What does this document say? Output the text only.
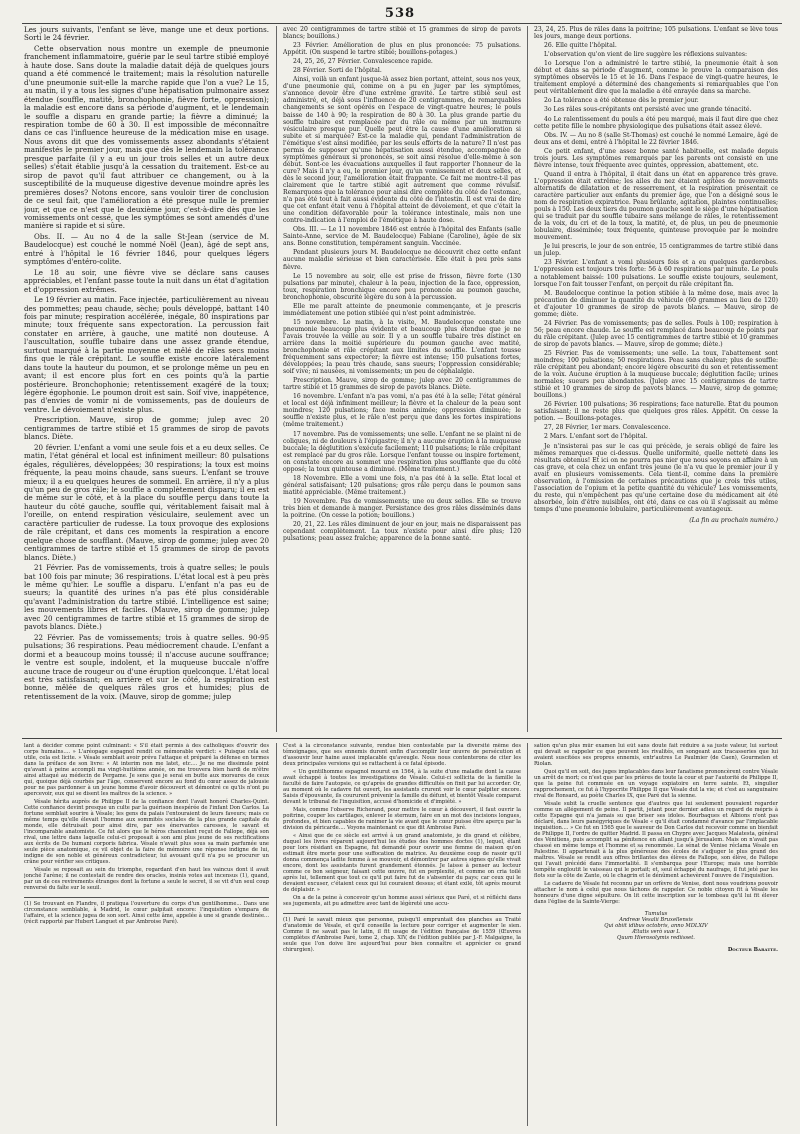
538

Les jours suivants, l'enfant se lève, mange une et deux portions. Sorti le 24 février.

Cette observation nous montre un exemple de pneumonie franchement inflammatoire, guérie par le seul tartre stibié employé à haute dose. Sans doute la maladie datait déjà de quelques jours quand a été commencé le traitement; mais la résolution naturelle d'une pneumonie suit-elle la marche rapide que l'on a vue? Le 15, au matin, il y a tous les signes d'une hépatisation pulmonaire assez étendue (souffle, matité, bronchophonie, fièvre forte, oppression); la maladie est encore dans sa période d'augment, et le lendemain le souffle a disparu en grande partie; la fièvre a diminué; la respiration tombe de 60 à 30. Il est impossible de méconnaître dans ce cas l'influence heureuse de la médication mise en usage. Nous avons dit que des vomissements assez abondants s'étaient manifestés le premier jour, mais que dès le lendemain la tolérance presque parfaite (il y a eu un jour trois selles et un autre deux selles) s'était établie jusqu'à la cessation du traitement. Est-ce au sirop de pavot qu'il faut attribuer ce changement, ou à la susceptibilité de la muqueuse digestive devenue moindre après les premières doses? Notons encore, sans vouloir tirer de conclusion de ce seul fait, que l'amélioration a été presque nulle le premier jour, et que ce n'est que le deuxième jour, c'est-à-dire dès que les vomissements ont cessé, que les symptômes se sont amendés d'une manière si rapide et si sûre.

Obs. II. — Au no 4 de la salle St-Jean (service de M. Baudelocque) est couché le nommé Noël (Jean), âgé de sept ans, entré à l'hôpital le 16 février 1846, pour quelques légers symptômes d'entéro-colite.

Le 18 au soir, une fièvre vive se déclare sans causes appréciables, et l'enfant passe toute la nuit dans un état d'agitation et d'oppression extrêmes.

Le 19 février au matin. Face injectée, particulièrement au niveau des pommettes; peau chaude, sèche; pouls développé, battant 140 fois par minute; respiration accélérée, inégale, 80 inspirations par minute; toux fréquente sans expectoration. La percussion fait constater en arrière, à gauche, une matité non douteuse. A l'auscultation, souffle tubaire dans une assez grande étendue, surtout marqué à la partie moyenne et mêlé de râles secs moins fins que le râle crépitant. Le souffle existe encore latéralement dans toute la hauteur du poumon, et se prolonge même un peu en avant; il est encore plus fort en ces points qu'à la partie postérieure. Bronchophonie; retentissement exagéré de la toux; légère égophonie. Le poumon droit est sain. Soif vive, inappétence, pas d'envies de vomir ni de vomissements, pas de douleurs de ventre. Le dévoiement n'existe plus.

Prescription. Mauve, sirop de gomme; julep avec 20 centigrammes de tartre stibié et 15 grammes de sirop de pavots blancs. Diète.

20 février. L'enfant a vomi une seule fois et a eu deux selles. Ce matin, l'état général et local est infiniment meilleur: 80 pulsations égales, régulières, développées; 30 respirations; la toux est moins fréquente, la peau moins chaude, sans sueurs. L'enfant se trouve mieux; il a eu quelques heures de sommeil. En arrière, il n'y a plus qu'un peu de gros râle; le souffle a complètement disparu; il en est de même sur le côté, et à la place du souffle perçu dans toute la hauteur du côté gauche, souffle qui, véritablement faisait mal à l'oreille, on entend respiration vésiculaire, seulement avec un caractère particulier de rudesse. La toux provoque des explosions de râle crépitant, et dans ces moments la respiration a encore quelque chose de soufflant. (Mauve, sirop de gomme; julep avec 20 centigrammes de tartre stibié et 15 grammes de sirop de pavots blancs. Diète.)

21 Février. Pas de vomissements, trois à quatre selles; le pouls bat 100 fois par minute; 36 respirations. L'état local est à peu près le même qu'hier. Le souffle a disparu. L'enfant n'a pas eu de sueurs; la quantité des urines n'a pas été plus considérable qu'avant l'administration du tartre stibié. L'intelligence est saine; les mouvements libres et faciles. (Mauve, sirop de gomme; julep avec 20 centigrammes de tartre stibié et 15 grammes de sirop de pavots blancs. Diète.)

22 Février. Pas de vomissements; trois à quatre selles. 90-95 pulsations; 36 respirations. Peau médiocrement chaude. L'enfant a dormi et a beaucoup moins toussé; il n'accuse aucune souffrance; le ventre est souple, indolent, et la muqueuse buccale n'offre aucune trace de rougeur ou d'une éruption quelconque. L'état local est très satisfaisant; en arrière et sur le côté, la respiration est bonne, mêlée de quelques râles gros et humides; plus de retentissement de la voix. (Mauve, sirop de gomme; julep

avec 20 centigrammes de tartre stibié et 15 grammes de sirop de pavots blancs; bouillons.)

23 Février. Amélioration de plus en plus prononcée: 75 pulsations. Appétit. (On suspend le tartre stibié; bouillons-potages.)

24, 25, 26, 27 Février. Convalescence rapide.

28 Février. Sorti de l'hôpital.

Ainsi, voilà un enfant jusque-là assez bien portant, atteint, sous nos yeux, d'une pneumonie qui, comme on a pu en juger par les symptômes, s'annonce devoir être d'une extrême gravité. Le tartre stibié seul est administré, et, déjà sous l'influence de 20 centigrammes, de remarquables changements se sont opérés en l'espace de vingt-quatre heures; le pouls baisse de 140 à 90; la respiration de 80 à 30. La plus grande partie du souffle tubaire est remplacée par du râle ou même par un murmure vésiculaire presque pur. Quelle peut être la cause d'une amélioration si subite et si marquée? Est-ce la maladie qui, pendant l'administration de l'émétique s'est ainsi modifiée, par les seuls efforts de la nature? Il n'est pas permis de supposer qu'une hépatisation aussi étendue, accompagnée de symptômes généraux si prononcés, se soit ainsi résolue d'elle-même à son début. Sont-ce les évacuations auxquelles il faut rapporter l'honneur de la cure? Mais il n'y a eu, le premier jour, qu'un vomissement et deux selles, et dès le second jour, l'amélioration était frappante. Ce fait me montre-t-il pas clairement que le tartre stibié agit autrement que comme révulsif. Remarquons que la tolérance pour ainsi dire complète du côté de l'estomac, n'a pas été tout à fait aussi évidente du côté de l'intestin. Il est vrai de dire que cet enfant était venu à l'hôpital atteint de dévoiement, et que c'était la une condition défavorable pour la tolérance intestinale, mais non une contre-indication à l'emploi de l'émétique à haute dose.

Obs. III. — Le 11 novembre 1846 est entrée à l'hôpital des Enfants (salle Sainte-Anne, service de M. Baudelocque) Fabiane (Caroline), âgée de six ans. Bonne constitution, tempérament sanguin. Vaccinée.

Pendant plusieurs jours M. Baudelocque ne découvrit chez cette enfant aucune maladie sérieuse et bien caractérisée. Elle était à peu près sans fièvre.

Le 15 novembre au soir, elle est prise de frisson, fièvre forte (130 pulsations par minute), chaleur à la peau, injection de la face, oppression, toux, respiration bronchique encore peu prononcée au poumon gauche, bronchophonie, obscurité légère du son à la percussion.

Elle me paraît atteinte de pneumonie commençante, et je prescris immédiatement une potion stibiée qui n'est point administrée.

15 novembre. Le matin, à la visite, M. Baudelocque constate une pneumonie beaucoup plus évidente et beaucoup plus étendue que je ne l'avais trouvée la veille au soir. Il y a un souffle tubaire très distinct en arrière dans la moitié supérieure du poumon gauche avec matité, bronchophonie et râle crépitant aux limites du souffle. L'enfant tousse fréquemment sans expectorer; la fièvre est intense; 150 pulsations fortes, développées; la peau très chaude, sans sueurs; l'oppression considérable; soif vive; ni nausées, ni vomissements; un peu de céphalalgie.

Prescription. Mauve, sirop de gomme; julep avec 20 centigrammes de tartre stibié et 15 grammes de sirop de pavots blancs. Diète.

16 novembre. L'enfant n'a pas vomi, n'a pas été à la selle; l'état général et local est déjà infiniment meilleur; la fièvre et la chaleur de la peau sont moindres; 120 pulsations; face moins animée; oppression diminuée; le souffle n'existe plus, et le râle n'est perçu que dans les fortes inspirations (même traitement.)

17 novembre. Pas de vomissements; une selle. L'enfant ne se plaint ni de coliques, ni de douleurs à l'épigastre; il n'y a aucune éruption à la muqueuse buccale; la déglutition s'exécute facilement; 110 pulsations; le râle crépitant est remplacé par du gros râle. Lorsque l'enfant tousse ou inspire fortement, on constate encore au sommet une respiration plus soufflante que du côté opposé; la toux quinteuse a diminué. (Même traitement.)

18 Novembre. Elle a vomi une fois, n'a pas été à la selle. État local et général satisfaisant; 120 pulsations; gros râle perçu dans le poumon sans matité appréciable. (Même traitement.)

19 Novembre. Pas de vomissements; une ou deux selles. Elle se trouve très bien et demande à manger. Persistance des gros râles disséminés dans la poitrine. (On cesse la potion; bouillons.)

20, 21, 22. Les râles diminuent de jour en jour, mais ne disparaissent pas cependant complètement. La toux n'existe pour ainsi dire plus; 120 pulsations; peau assez fraîche; apparence de la bonne santé.

23, 24, 25. Plus de râles dans la poitrine; 105 pulsations. L'enfant se lève tous les jours, mange deux portions.

26. Elle quitte l'hôpital.

L'observation qu'on vient de lire suggère les réflexions suivantes:

1o Lorsque l'on a administré le tartre stibié, la pneumonie était à son début et dans sa période d'augment, comme le prouve la comparaison des symptômes observés le 15 et le 16. Dans l'espace de vingt-quatre heures, le traitement employé a déterminé des changements si remarquables que l'on peut véritablement dire que la maladie a été enrayée dans sa marche.

2o La tolérance a été obtenue dès le premier jour.

3o Les râles sous-crépitants ont persisté avec une grande ténacité.

4o Le ralentissement du pouls a été peu marqué, mais il faut dire que chez cette petite fille le nombre physiologique des pulsations était assez élevé.

Obs. IV. — Au no 8 (salle St-Thomas) est couché le nommé Lemaire, âgé de deux ans et demi, entré à l'hôpital le 22 février 1846.

Ce petit enfant, d'une assez bonne santé habituelle, est malade depuis trois jours. Les symptômes remarqués par les parents ont consisté en une fièvre intense, toux fréquente avec quintes, oppression, abattement, etc.

Quand il entra à l'hôpital, il était dans un état en apparence très grave. L'oppression était extrême; les ailes du nez étaient agitées de mouvements alternatifs de dilatation et de resserrement, et la respiration présentait ce caractère particulier aux enfants du premier âge, que l'on a désigné sous le nom de respiration expiratrice. Peau brûlante, agitation, plaintes continuelles; pouls à 150. Les deux tiers du poumon gauche sont le siège d'une hépatisation qui se traduit par du souffle tubaire sans mélange de râles, le retentissement de la voix, du cri et de la toux, la matité, et, de plus, un peu de pneumonie lobulaire, disséminée; toux fréquente, quinteuse provoquée par le moindre mouvement.

Je lui prescris, le jour de son entrée, 15 centigrammes de tartre stibié dans un julep.

23 Février. L'enfant a vomi plusieurs fois et a eu quelques garderobes. L'oppression est toujours très forte: 56 à 60 respirations par minute. Le pouls a notablement baissé: 100 pulsations. Le souffle existe toujours, seulement, lorsque l'on fait tousser l'enfant, on perçoit du râle crépitant fin.

M. Baudelocque continue la potion stibiée à la même dose, mais avec la précaution de diminuer la quantité du véhicule (60 grammes au lieu de 120) et d'ajouter 10 grammes de sirop de pavots blancs. — Mauve, sirop de gomme; diète.

24 Février. Pas de vomissements; pas de selles. Pouls à 100; respiration à 56; peau encore chaude. Le souffle est remplacé dans beaucoup de points par du râle crépitant. (Julep avec 15 centigrammes de tartre stibié et 10 grammes de sirop de pavots blancs. — Mauve, sirop de gomme; diète.)

25 Février. Pas de vomissements; une selle. La toux, l'abattement sont moindres; 100 pulsations; 50 respirations. Peau sans chaleur; plus de souffle: râle crépitant peu abondant; encore légère obscurité du son et retentissement de la voix. Aucune éruption à la muqueuse buccale; déglutition facile; urines normales; sueurs peu abondantes. (Julep avec 15 centigrammes de tartre stibié et 10 grammes de sirop de pavots blancs. — Mauve, sirop de gomme; bouillons.)

26 Février. 100 pulsations; 36 respirations; face naturelle. État du poumon satisfaisant; il ne reste plus que quelques gros râles. Appétit. On cesse la potion. — Bouillons-potages.

27, 28 Février, 1er mars. Convalescence.

2 Mars. L'enfant sort de l'hôpital.

Je n'insisterai pas sur le cas qui précède, je serais obligé de faire les mêmes remarques que ci-dessus. Quelle uniformité, quelle netteté dans les résultats obtenus! Et ici on ne pourra pas nier que nous soyons en affaire à un cas grave, et cela chez un enfant très jeune (le n'a vu que le premier jour il y avait en plusieurs vomissements. Cela tient-il, comme dans la première observation, à l'omission de certaines précautions que je crois très utiles, l'association de l'opium et la petite quantité du véhicule? Les vomissements, du reste, qui n'empêchent pas qu'une certaine dose du médicament ait été absorbée, loin d'être nuisibles, ont été, dans ce cas où il s'agissait au même temps d'une pneumonie lobulaire, particulièrement avantageux.

(La fin au prochain numéro.)

lant à décider comme point culminant: « S'il était permis à des catholiques d'ouvrir des corps humains.... » L'aréopage espagnol rendit ce mémorable verdict: « Puisque cela est utile, cela est licite. » Vésale semblait avoir prévu l'attaque et préparé la défense en termes dans la préface de son livre: « At interim non me latet, etc.... Je ne me dissimule point qu'avant à peine accompli ma vingt-huitième année, on me trouvera bien hardi de m'être ainsi attaqué au médecin de Pergame. Je sens que je serai en butte aux morsures de ceux qui, quoique déjà courbés par l'âge, conservent encore au fond du cœur assez de jalousie pour ne pas pardonner à un jeune homme d'avoir découvert et démontré ce qu'ils n'ont pu apercevoir, eux qui se disent les maîtres de la science. »

Vésale hérita auprès de Philippe II de la confiance dont l'avait honoré Charles-Quint. Cette confiance devint presque un culte par la guérison inespérée de l'infant Don Carlos. La fortune semblait sourire à Vésale; les gens du palais l'entouraient de leurs faveurs; mais ce même temps qu'elle élevait l'homme aux sommités sociales de la plus grande capitale du monde, elle détruisait pour ainsi dire, par ses énervantes caresses, le savant et l'incomparable anatomiste. Ce fut alors que le héros chancelant reçut de Fallope, déjà son rival, une lettre dans laquelle celui-ci proposait à son ami plus jeune de ses rectifications aux écrits de De humani corporis fabrica. Vésale n'avait plus sous sa main parfumée une seule pièce anatomique, ce vil objet de la faire de mémoire une réponse indigne de lui, indigne de son noble et généreux contradicteur, lui avouant qu'il n'a pu se procurer un crâne pour vérifier ses critiques.

Vésale se reposait au sein du triomphe, regardant d'en haut les vaincus dont il avait jonché l'arène; il ne contestait de rendre des oracles, insinis votes aut incensus (1), quand, par un de ces revirements étranges dont la fortune a seule le secret, il se vit d'un seul coup renversé du faîte sur le seuil.

(1) Se trouvant en Flandre, il pratiqua l'ouverture du corps d'un gentilhomme... Dans une circonstance semblable, à Madrid, le cœur palpitait encore: l'inquisition s'empara de l'affaire, et la science jugea de son sort. Ainsi cette âme, appelée à une si grande destinée... (récit rapporté par Hubert Languet et par Ambroise Paré).

C'est à la circonstance suivante, rendue bien contestable par la diversité même des témoignages, que ses ennemis durent enfin d'accomplir leur œuvre de persécution et d'assouvir leur haine aussi implacable qu'aveugle. Nous nous contenterons de citer les deux principales versions qui se rattachent à ce fatal épisode.

« Un gentilhomme espagnol mourut en 1564, à la suite d'une maladie dont la cause avait échappé à toutes les investigations de Vésale. Celui-ci sollicita de la famille la faculté de faire l'autopsie, ce qu'après de grandes difficultés on finit par lui accorder. Or, au moment où le cadavre fut ouvert, les assistants crurent voir le cœur palpiter encore. Saisis d'épouvante, ils coururent prévenir la famille du défunt, et bientôt Vésale comparut devant le tribunal de l'inquisition, accusé d'homicide et d'impiété. »

Mais, comme l'observe Richerand, pour mettre le cœur à découvert, il faut ouvrir la poitrine, couper les cartilages, enlever le sternum, faire en un mot des incisions longues, profondes, et bien capables de ranimer la vie avant que le cœur puisse être aperçu par la division du péricarde.... Voyons maintenant ce que dit Ambroise Paré.

« Ainsi que de ce siècle est arrivé à un grand anatomiste, je dis grand et célèbre, duquel les livres réparent aujourd'hui les études des hommes doctes (1), lequel, étant pour lors résidant en Espagne, fut demandé pour ouvrir une femme de maison qu'on estimait être morte pour une suffocation de matrice. Au deuxième coup de rasoir qu'il donna commença ladite femme à se mouvoir, et démontrer par autres signes qu'elle vivait encore, dont les assistants furent grandement étonnés. Je laisse à penser au lecteur comme ce bon seigneur, faisant cette œuvre, fut en perplexité, et comme on cria toilé après lui, tellement que tout ce qu'il put faire fut de s'absenter du pays; car ceux qui le devaient excuser, c'étaient ceux qui lui couraient dessus; et étant exilé, tôt après mourut de déplaisir. »

On a de la peine à concevoir qu'un homme aussi sérieux que Paré, et si réfléchi dans ses jugements, ait pu admettre avec tant de légèreté une accu-

(1) Paré le savait mieux que personne, puisqu'il empruntait des planches au Traité d'anatomie de Vésale, et qu'il conseille la lecture pour corriger et augmenter le sien. Comme il ne savait pas le latin, il fit usage de l'édition française de 1559 (Œuvres complètes d'Ambroise Paré, tome 2, chap. XIV, de l'édition publiée par J.-F. Malgaigne, la seule que l'on doive lire aujourd'hui pour bien connaître et apprécier ce grand chirurgien).

sation qu'un plus mûr examen lui eût sans doute fait réduire à sa juste valeur, lui surtout qui devait se rappeler ce que peuvent les rivalités, en songeant aux tracasseries que lui avaient suscitées ses propres ennemis, entr'autres Le Paulmier (de Caen), Gourmelen et Riolan.

Quoi qu'il en soit, des juges implacables dans leur fanatisme prononcèrent contre Vésale un arrêt de mort; ce n'est que par les prières de toute la cour et par l'autorité de Philippe II, que la peine fut commuée en un voyage expiatoire en terre sainte. Et, singulier rapprochement, ce fut à l'hypocrite Philippe II que Vésale dut la vie; et c'est au sanguinaire rival de Ronsard, au poète Charles IX, que Paré dut la sienne.

Vésale subit la cruelle sentence que d'autres que lui seulement pouvaient regarder comme un allégement de peine. Il partit, jetant pour dernier adieu un regard de mépris à cette Espagne qui n'a jamais su que briser ses idoles. Bourbaques et Albions n'ont pas déclaré, dans leurs panégyriques de Vésale « qu'il était condamné d'avance par l'implacable inquisition.... » Ce fut en 1565 que le sauveur de Don Carlos dut recevoir comme un bienfait de Philippe II, l'ordre de quitter Madrid. Il passa en Chypre avec Jacques Malatesta, général des Vénitiens, puis accomplit sa pénitence en allant jusqu'à Jérusalem. Mais on n'avait pas chassé en même temps et l'homme et sa renommée. Le sénat de Venise réclama Vésale en Palestine. Il appartenait à la plus généreuse des écoles de s'adjuger le plus grand des maîtres. Vésale se rendit aux offres brillantes des élèves de Fallope, son élève, de Fallope qui l'avait précédé dans l'immortalité. Il s'embarqua pour l'Europe; mais une horrible tempête engloutit le vaisseau qui le portait; et, seul échappé du naufrage, il fut jeté par les flots sur la côte de Zante, où le chagrin et le dénûment achevèrent l'œuvre de l'inquisition.

Le cadavre de Vésale fut reconnu par un orfèvre de Venise, dont nous voudrions pouvoir attacher le nom à celui que nous tâchons de rappeler. Ce noble citoyen fit à Vésale les honneurs d'une digne sépulture. On lit cette inscription sur le tombeau qu'il lui fit élever dans l'église de la Sainte-Vierge:

Tumulus
Andreæ Vesalii Bruxellensis
Qui obiit idibus octobris, anno MDLXIV
Ætatis verò suæ L
Quum Hierosolymis rediisset.
Docteur Baratte.
